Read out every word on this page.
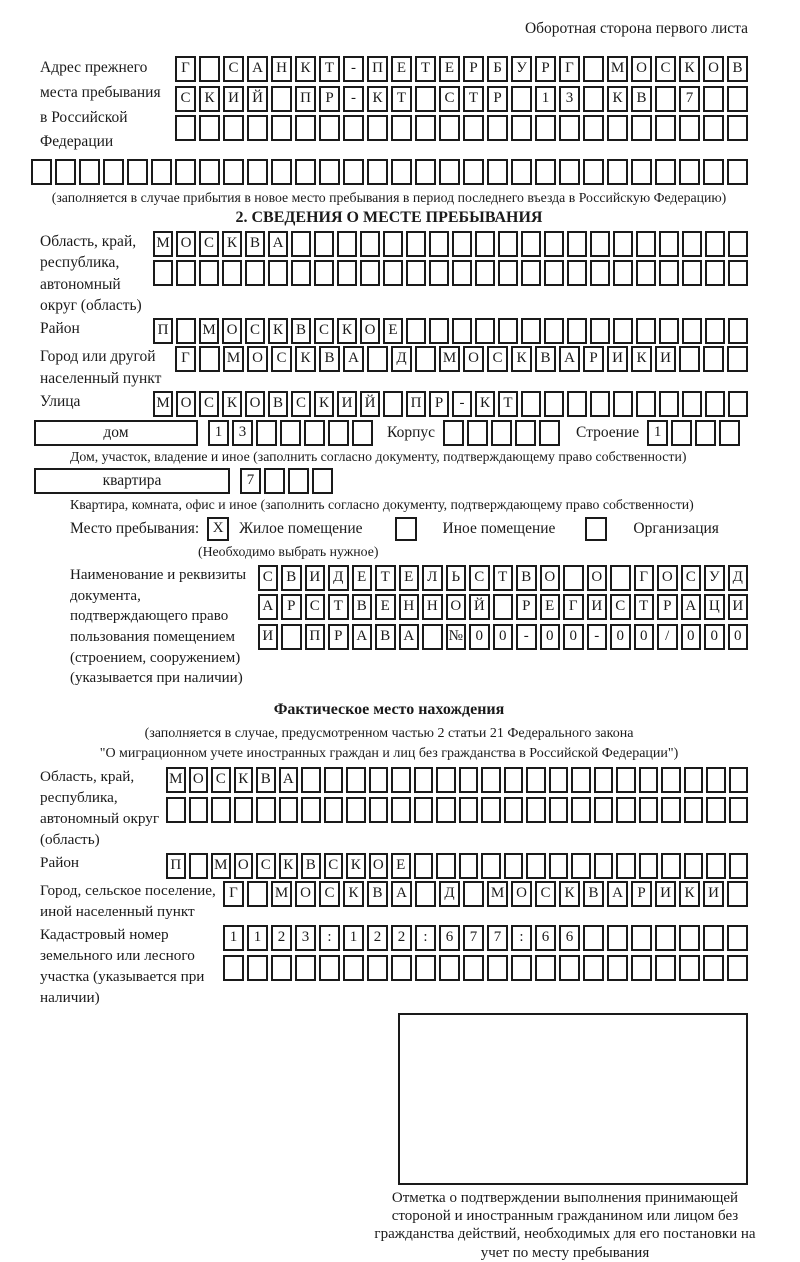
Оборотная сторона первого листа
Адрес прежнего места пребывания в Российской Федерации
Г	С А Н К Т	-	П Е Т Е	Р	Б У Р	Г	М О С К О В
С К И Й	П Р	-	К Т	С Т	Р	1	3	К В	7
(заполняется в случае прибытия в новое место пребывания в период последнего въезда в Российскую Федерацию)
2. СВЕДЕНИЯ О МЕСТЕ ПРЕБЫВАНИЯ
Область, край, республика, автономный округ (область)
М О С К В А
Район	П	М О С К В С К О Е
Город или другой населенный пункт
Г	М О С К В А	Д	М О С К В А Р И К И
Улица	М О С К О В С К И Й	П Р	-	К Т
дом	1	3	Корпус	Строение 1
Дом, участок, владение и иное (заполнить согласно документу, подтверждающему право собственности)
квартира	7
Квартира, комната, офис и иное (заполнить согласно документу, подтверждающему право собственности)
Место пребывания: X	Жилое помещение	Иное помещение	Организация
(Необходимо выбрать нужное)
Наименование и реквизиты документа, подтверждающего право пользования помещением (строением, сооружением) (указывается при наличии)
С В И Д Е Т Е Л Ь С Т В О	О	Г О С У Д
А Р С Т В Е Н Н О Й	Р Е Г И С Т Р А Ц И
И	П Р А В А	№ 0	0	-	0	0	-	0	0	/	0	0	0
Фактическое место нахождения
(заполняется в случае, предусмотренном частью 2 статьи 21 Федерального закона
"О миграционном учете иностранных граждан и лиц без гражданства в Российской Федерации")
Область, край, республика, автономный округ (область)
М О С К В А
Район	П М О С К В С К О Е
Город, сельское поселение, иной населенный пункт
Г	М О С К В А	Д	М О С К В А Р И К И
Кадастровый номер земельного или лесного участка (указывается при наличии)
1	1	2	3	:	1	2	2	:	6	7	7	:	6	6
Отметка о подтверждении выполнения принимающей стороной и иностранным гражданином или лицом без гражданства действий, необходимых для его постановки на учет по месту пребывания
